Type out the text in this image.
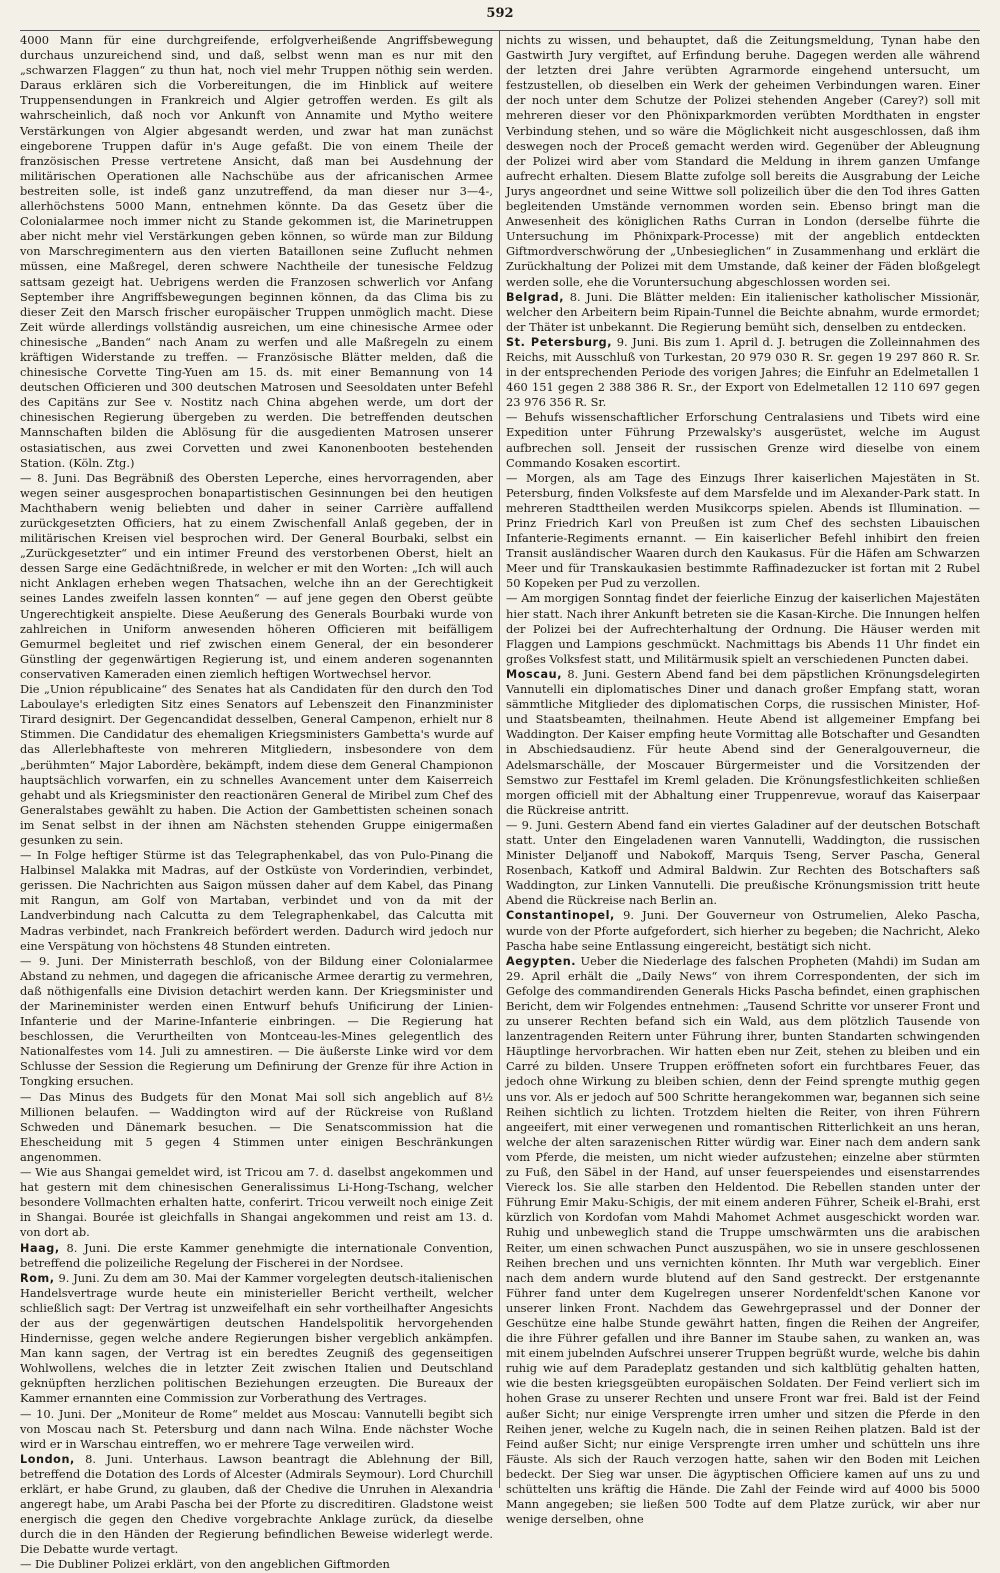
592

4000 Mann für eine durchgreifende, erfolgverheißende Angriffsbewegung durchaus unzureichend sind, und daß, selbst wenn man es nur mit den „schwarzen Flaggen“ zu thun hat, noch viel mehr Truppen nöthig sein werden. Daraus erklären sich die Vorbereitungen, die im Hinblick auf weitere Truppensendungen in Frankreich und Algier getroffen werden. Es gilt als wahrscheinlich, daß noch vor Ankunft von Annamite und Mytho weitere Verstärkungen von Algier abgesandt werden, und zwar hat man zunächst eingeborene Truppen dafür in's Auge gefaßt. Die von einem Theile der französischen Presse vertretene Ansicht, daß man bei Ausdehnung der militärischen Operationen alle Nachschübe aus der africanischen Armee bestreiten solle, ist indeß ganz unzutreffend, da man dieser nur 3—4-, allerhöchstens 5000 Mann, entnehmen könnte. Da das Gesetz über die Colonialarmee noch immer nicht zu Stande gekommen ist, die Marinetruppen aber nicht mehr viel Verstärkungen geben können, so würde man zur Bildung von Marschregimentern aus den vierten Bataillonen seine Zuflucht nehmen müssen, eine Maßregel, deren schwere Nachtheile der tunesische Feldzug sattsam gezeigt hat. Uebrigens werden die Franzosen schwerlich vor Anfang September ihre Angriffsbewegungen beginnen können, da das Clima bis zu dieser Zeit den Marsch frischer europäischer Truppen unmöglich macht. Diese Zeit würde allerdings vollständig ausreichen, um eine chinesische Armee oder chinesische „Banden“ nach Anam zu werfen und alle Maßregeln zu einem kräftigen Widerstande zu treffen. — Französische Blätter melden, daß die chinesische Corvette Ting-Yuen am 15. ds. mit einer Bemannung von 14 deutschen Officieren und 300 deutschen Matrosen und Seesoldaten unter Befehl des Capitäns zur See v. Nostitz nach China abgehen werde, um dort der chinesischen Regierung übergeben zu werden. Die betreffenden deutschen Mannschaften bilden die Ablösung für die ausgedienten Matrosen unserer ostasiatischen, aus zwei Corvetten und zwei Kanonenbooten bestehenden Station. (Köln. Ztg.)

— 8. Juni. Das Begräbniß des Obersten Leperche, eines hervorragenden, aber wegen seiner ausgesprochen bonapartistischen Gesinnungen bei den heutigen Machthabern wenig beliebten und daher in seiner Carrière auffallend zurückgesetzten Officiers, hat zu einem Zwischenfall Anlaß gegeben, der in militärischen Kreisen viel besprochen wird. Der General Bourbaki, selbst ein „Zurückgesetzter“ und ein intimer Freund des verstorbenen Oberst, hielt an dessen Sarge eine Gedächtnißrede, in welcher er mit den Worten: „Ich will auch nicht Anklagen erheben wegen Thatsachen, welche ihn an der Gerechtigkeit seines Landes zweifeln lassen konnten“ — auf jene gegen den Oberst geübte Ungerechtigkeit anspielte. Diese Aeußerung des Generals Bourbaki wurde von zahlreichen in Uniform anwesenden höheren Officieren mit beifälligem Gemurmel begleitet und rief zwischen einem General, der ein besonderer Günstling der gegenwärtigen Regierung ist, und einem anderen sogenannten conservativen Kameraden einen ziemlich heftigen Wortwechsel hervor.

Die „Union républicaine“ des Senates hat als Candidaten für den durch den Tod Laboulaye's erledigten Sitz eines Senators auf Lebenszeit den Finanzminister Tirard designirt. Der Gegencandidat desselben, General Campenon, erhielt nur 8 Stimmen. Die Candidatur des ehemaligen Kriegsministers Gambetta's wurde auf das Allerlebhafteste von mehreren Mitgliedern, insbesondere von dem „berühmten“ Major Labordère, bekämpft, indem diese dem General Championon hauptsächlich vorwarfen, ein zu schnelles Avancement unter dem Kaiserreich gehabt und als Kriegsminister den reactionären General de Miribel zum Chef des Generalstabes gewählt zu haben. Die Action der Gambettisten scheinen sonach im Senat selbst in der ihnen am Nächsten stehenden Gruppe einigermaßen gesunken zu sein.

— In Folge heftiger Stürme ist das Telegraphenkabel, das von Pulo-Pinang die Halbinsel Malakka mit Madras, auf der Ostküste von Vorderindien, verbindet, gerissen. Die Nachrichten aus Saigon müssen daher auf dem Kabel, das Pinang mit Rangun, am Golf von Martaban, verbindet und von da mit der Landverbindung nach Calcutta zu dem Telegraphenkabel, das Calcutta mit Madras verbindet, nach Frankreich befördert werden. Dadurch wird jedoch nur eine Verspätung von höchstens 48 Stunden eintreten.

— 9. Juni. Der Ministerrath beschloß, von der Bildung einer Colonialarmee Abstand zu nehmen, und dagegen die africanische Armee derartig zu vermehren, daß nöthigenfalls eine Division detachirt werden kann. Der Kriegsminister und der Marineminister werden einen Entwurf behufs Unificirung der Linien-Infanterie und der Marine-Infanterie einbringen. — Die Regierung hat beschlossen, die Verurtheilten von Montceau-les-Mines gelegentlich des Nationalfestes vom 14. Juli zu amnestiren. — Die äußerste Linke wird vor dem Schlusse der Session die Regierung um Definirung der Grenze für ihre Action in Tongking ersuchen.

— Das Minus des Budgets für den Monat Mai soll sich angeblich auf 8½ Millionen belaufen. — Waddington wird auf der Rückreise von Rußland Schweden und Dänemark besuchen. — Die Senatscommission hat die Ehescheidung mit 5 gegen 4 Stimmen unter einigen Beschränkungen angenommen.

— Wie aus Shangai gemeldet wird, ist Tricou am 7. d. daselbst angekommen und hat gestern mit dem chinesischen Generalissimus Li-Hong-Tschang, welcher besondere Vollmachten erhalten hatte, conferirt. Tricou verweilt noch einige Zeit in Shangai. Bourée ist gleichfalls in Shangai angekommen und reist am 13. d. von dort ab.

Haag, 8. Juni. Die erste Kammer genehmigte die internationale Convention, betreffend die polizeiliche Regelung der Fischerei in der Nordsee.

Rom, 9. Juni. Zu dem am 30. Mai der Kammer vorgelegten deutsch-italienischen Handelsvertrage wurde heute ein ministerieller Bericht vertheilt, welcher schließlich sagt: Der Vertrag ist unzweifelhaft ein sehr vortheilhafter Angesichts der aus der gegenwärtigen deutschen Handelspolitik hervorgehenden Hindernisse, gegen welche andere Regierungen bisher vergeblich ankämpfen. Man kann sagen, der Vertrag ist ein beredtes Zeugniß des gegenseitigen Wohlwollens, welches die in letzter Zeit zwischen Italien und Deutschland geknüpften herzlichen politischen Beziehungen erzeugten. Die Bureaux der Kammer ernannten eine Commission zur Vorberathung des Vertrages.

— 10. Juni. Der „Moniteur de Rome“ meldet aus Moscau: Vannutelli begibt sich von Moscau nach St. Petersburg und dann nach Wilna. Ende nächster Woche wird er in Warschau eintreffen, wo er mehrere Tage verweilen wird.

London, 8. Juni. Unterhaus. Lawson beantragt die Ablehnung der Bill, betreffend die Dotation des Lords of Alcester (Admirals Seymour). Lord Churchill erklärt, er habe Grund, zu glauben, daß der Chedive die Unruhen in Alexandria angeregt habe, um Arabi Pascha bei der Pforte zu discreditiren. Gladstone weist energisch die gegen den Chedive vorgebrachte Anklage zurück, da dieselbe durch die in den Händen der Regierung befindlichen Beweise widerlegt werde. Die Debatte wurde vertagt.

— Die Dubliner Polizei erklärt, von den angeblichen Giftmorden

nichts zu wissen, und behauptet, daß die Zeitungsmeldung, Tynan habe den Gastwirth Jury vergiftet, auf Erfindung beruhe. Dagegen werden alle während der letzten drei Jahre verübten Agrarmorde eingehend untersucht, um festzustellen, ob dieselben ein Werk der geheimen Verbindungen waren. Einer der noch unter dem Schutze der Polizei stehenden Angeber (Carey?) soll mit mehreren dieser vor den Phönixparkmorden verübten Mordthaten in engster Verbindung stehen, und so wäre die Möglichkeit nicht ausgeschlossen, daß ihm deswegen noch der Proceß gemacht werden wird. Gegenüber der Ableugnung der Polizei wird aber vom Standard die Meldung in ihrem ganzen Umfange aufrecht erhalten. Diesem Blatte zufolge soll bereits die Ausgrabung der Leiche Jurys angeordnet und seine Wittwe soll polizeilich über die den Tod ihres Gatten begleitenden Umstände vernommen worden sein. Ebenso bringt man die Anwesenheit des königlichen Raths Curran in London (derselbe führte die Untersuchung im Phönixpark-Processe) mit der angeblich entdeckten Giftmordverschwörung der „Unbesieglichen“ in Zusammenhang und erklärt die Zurückhaltung der Polizei mit dem Umstande, daß keiner der Fäden bloßgelegt werden solle, ehe die Voruntersuchung abgeschlossen worden sei.

Belgrad, 8. Juni. Die Blätter melden: Ein italienischer katholischer Missionär, welcher den Arbeitern beim Ripain-Tunnel die Beichte abnahm, wurde ermordet; der Thäter ist unbekannt. Die Regierung bemüht sich, denselben zu entdecken.

St. Petersburg, 9. Juni. Bis zum 1. April d. J. betrugen die Zolleinnahmen des Reichs, mit Ausschluß von Turkestan, 20 979 030 R. Sr. gegen 19 297 860 R. Sr. in der entsprechenden Periode des vorigen Jahres; die Einfuhr an Edelmetallen 1 460 151 gegen 2 388 386 R. Sr., der Export von Edelmetallen 12 110 697 gegen 23 976 356 R. Sr.

— Behufs wissenschaftlicher Erforschung Centralasiens und Tibets wird eine Expedition unter Führung Przewalsky's ausgerüstet, welche im August aufbrechen soll. Jenseit der russischen Grenze wird dieselbe von einem Commando Kosaken escortirt.

— Morgen, als am Tage des Einzugs Ihrer kaiserlichen Majestäten in St. Petersburg, finden Volksfeste auf dem Marsfelde und im Alexander-Park statt. In mehreren Stadttheilen werden Musikcorps spielen. Abends ist Illumination. — Prinz Friedrich Karl von Preußen ist zum Chef des sechsten Libauischen Infanterie-Regiments ernannt. — Ein kaiserlicher Befehl inhibirt den freien Transit ausländischer Waaren durch den Kaukasus. Für die Häfen am Schwarzen Meer und für Transkaukasien bestimmte Raffinadezucker ist fortan mit 2 Rubel 50 Kopeken per Pud zu verzollen.

— Am morgigen Sonntag findet der feierliche Einzug der kaiserlichen Majestäten hier statt. Nach ihrer Ankunft betreten sie die Kasan-Kirche. Die Innungen helfen der Polizei bei der Aufrechterhaltung der Ordnung. Die Häuser werden mit Flaggen und Lampions geschmückt. Nachmittags bis Abends 11 Uhr findet ein großes Volksfest statt, und Militärmusik spielt an verschiedenen Puncten dabei.

Moscau, 8. Juni. Gestern Abend fand bei dem päpstlichen Krönungsdelegirten Vannutelli ein diplomatisches Diner und danach großer Empfang statt, woran sämmtliche Mitglieder des diplomatischen Corps, die russischen Minister, Hof- und Staatsbeamten, theilnahmen. Heute Abend ist allgemeiner Empfang bei Waddington. Der Kaiser empfing heute Vormittag alle Botschafter und Gesandten in Abschiedsaudienz. Für heute Abend sind der Generalgouverneur, die Adelsmarschälle, der Moscauer Bürgermeister und die Vorsitzenden der Semstwo zur Festtafel im Kreml geladen. Die Krönungsfestlichkeiten schließen morgen officiell mit der Abhaltung einer Truppenrevue, worauf das Kaiserpaar die Rückreise antritt.

— 9. Juni. Gestern Abend fand ein viertes Galadiner auf der deutschen Botschaft statt. Unter den Eingeladenen waren Vannutelli, Waddington, die russischen Minister Deljanoff und Nabokoff, Marquis Tseng, Server Pascha, General Rosenbach, Katkoff und Admiral Baldwin. Zur Rechten des Botschafters saß Waddington, zur Linken Vannutelli. Die preußische Krönungsmission tritt heute Abend die Rückreise nach Berlin an.

Constantinopel, 9. Juni. Der Gouverneur von Ostrumelien, Aleko Pascha, wurde von der Pforte aufgefordert, sich hierher zu begeben; die Nachricht, Aleko Pascha habe seine Entlassung eingereicht, bestätigt sich nicht.

Aegypten. Ueber die Niederlage des falschen Propheten (Mahdi) im Sudan am 29. April erhält die „Daily News“ von ihrem Correspondenten, der sich im Gefolge des commandirenden Generals Hicks Pascha befindet, einen graphischen Bericht, dem wir Folgendes entnehmen: „Tausend Schritte vor unserer Front und zu unserer Rechten befand sich ein Wald, aus dem plötzlich Tausende von lanzentragenden Reitern unter Führung ihrer, bunten Standarten schwingenden Häuptlinge hervorbrachen. Wir hatten eben nur Zeit, stehen zu bleiben und ein Carré zu bilden. Unsere Truppen eröffneten sofort ein furchtbares Feuer, das jedoch ohne Wirkung zu bleiben schien, denn der Feind sprengte muthig gegen uns vor. Als er jedoch auf 500 Schritte herangekommen war, begannen sich seine Reihen sichtlich zu lichten. Trotzdem hielten die Reiter, von ihren Führern angeeifert, mit einer verwegenen und romantischen Ritterlichkeit an uns heran, welche der alten sarazenischen Ritter würdig war. Einer nach dem andern sank vom Pferde, die meisten, um nicht wieder aufzustehen; einzelne aber stürmten zu Fuß, den Säbel in der Hand, auf unser feuerspeiendes und eisenstarrendes Viereck los. Sie alle starben den Heldentod. Die Rebellen standen unter der Führung Emir Maku-Schigis, der mit einem anderen Führer, Scheik el-Brahi, erst kürzlich von Kordofan vom Mahdi Mahomet Achmet ausgeschickt worden war. Ruhig und unbeweglich stand die Truppe umschwärmten uns die arabischen Reiter, um einen schwachen Punct auszuspähen, wo sie in unsere geschlossenen Reihen brechen und uns vernichten könnten. Ihr Muth war vergeblich. Einer nach dem andern wurde blutend auf den Sand gestreckt. Der erstgenannte Führer fand unter dem Kugelregen unserer Nordenfeldt'schen Kanone vor unserer linken Front. Nachdem das Gewehrgeprassel und der Donner der Geschütze eine halbe Stunde gewährt hatten, fingen die Reihen der Angreifer, die ihre Führer gefallen und ihre Banner im Staube sahen, zu wanken an, was mit einem jubelnden Aufschrei unserer Truppen begrüßt wurde, welche bis dahin ruhig wie auf dem Paradeplatz gestanden und sich kaltblütig gehalten hatten, wie die besten kriegsgeübten europäischen Soldaten. Der Feind verliert sich im hohen Grase zu unserer Rechten und unsere Front war frei. Bald ist der Feind außer Sicht; nur einige Versprengte irren umher und sitzen die Pferde in den Reihen jener, welche zu Kugeln nach, die in seinen Reihen platzen. Bald ist der Feind außer Sicht; nur einige Versprengte irren umher und schütteln uns ihre Fäuste. Als sich der Rauch verzogen hatte, sahen wir den Boden mit Leichen bedeckt. Der Sieg war unser. Die ägyptischen Officiere kamen auf uns zu und schüttelten uns kräftig die Hände. Die Zahl der Feinde wird auf 4000 bis 5000 Mann angegeben; sie ließen 500 Todte auf dem Platze zurück, wir aber nur wenige derselben, ohne
